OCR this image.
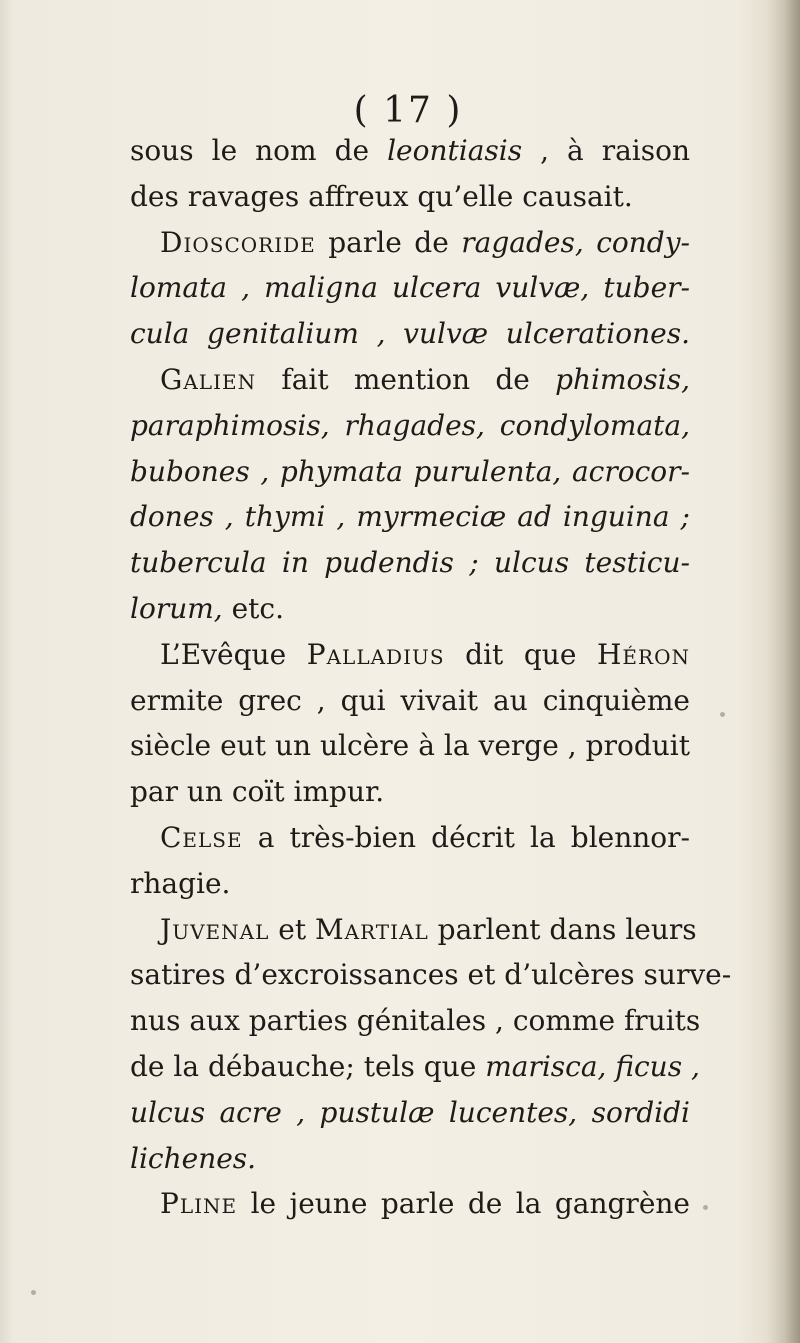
( 17 )
sous le nom de leontiasis , à raison
des ravages affreux qu’elle causait.
Dioscoride parle de ragades, condy-
lomata , maligna ulcera vulvæ, tuber-
cula genitalium , vulvæ ulcerationes.
Galien fait mention de phimosis,
paraphimosis, rhagades, condylomata,
bubones , phymata purulenta, acrocor-
dones , thymi , myrmeciæ ad inguina ;
tubercula in pudendis ; ulcus testicu-
lorum, etc.
L’Evêque Palladius dit que Héron
ermite grec , qui vivait au cinquième
siècle eut un ulcère à la verge , produit
par un coït impur.
Celse a très-bien décrit la blennor-
rhagie.
Juvenal et Martial parlent dans leurs
satires d’excroissances et d’ulcères surve-
nus aux parties génitales , comme fruits
de la débauche; tels que marisca, ficus ,
ulcus acre , pustulæ lucentes, sordidi
lichenes.
Pline le jeune parle de la gangrène
